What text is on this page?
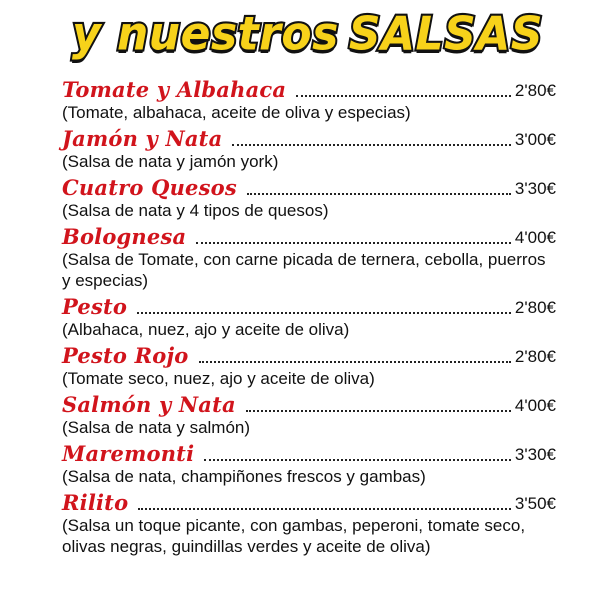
y nuestros SALSAS
Tomate y Albahaca	2'80€
(Tomate, albahaca, aceite de oliva y especias)
Jamón y Nata	3'00€
(Salsa de nata y jamón york)
Cuatro Quesos	3'30€
(Salsa de nata y 4 tipos de quesos)
Bolognesa	4'00€
(Salsa de Tomate, con carne picada de ternera, cebolla, puerros y especias)
Pesto	2'80€
(Albahaca, nuez, ajo y aceite de oliva)
Pesto Rojo	2'80€
(Tomate seco, nuez, ajo y aceite de oliva)
Salmón y Nata	4'00€
(Salsa de nata y salmón)
Maremonti	3'30€
(Salsa de nata, champiñones frescos y gambas)
Rilito	3'50€
(Salsa un toque picante, con gambas, peperoni, tomate seco, olivas negras, guindillas verdes y aceite de oliva)
